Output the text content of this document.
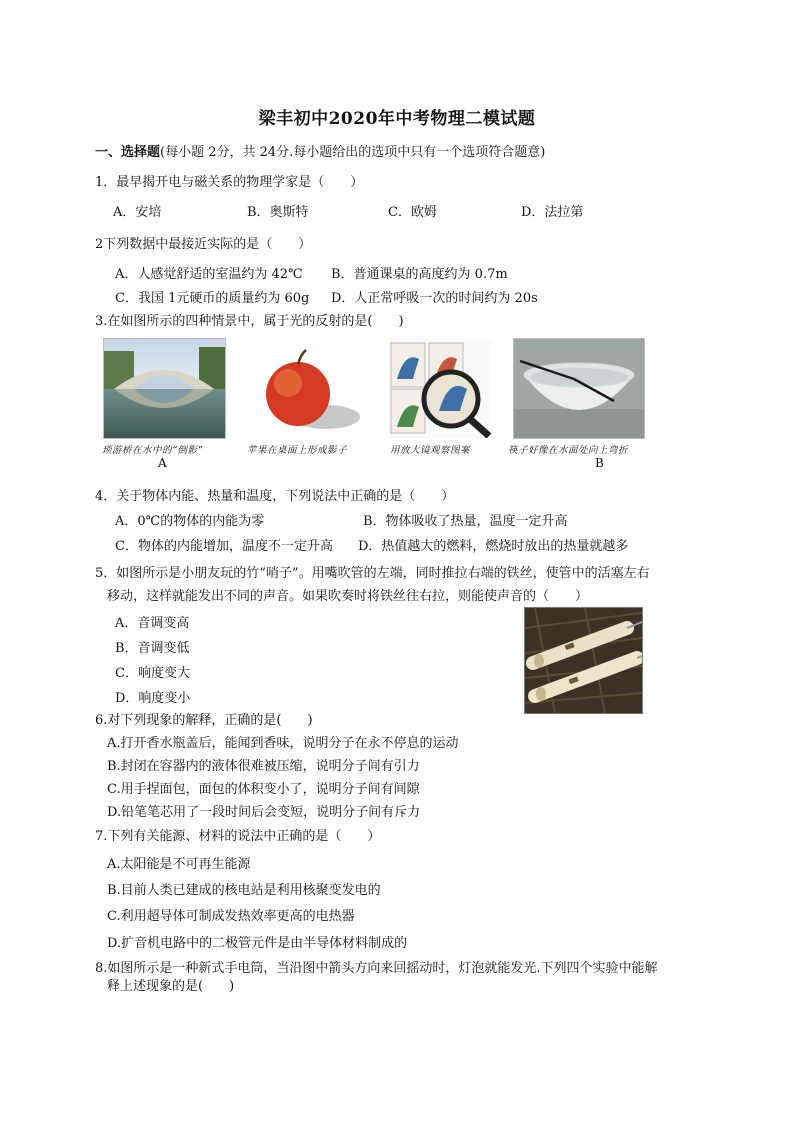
梁丰初中2020年中考物理二模试题
一、选择题(每小题 2分，共 24分.每小题给出的选项中只有一个选项符合题意)
1．最早揭开电与磁关系的物理学家是（　　）
A．安培	B．奥斯特	C．欧姆	D．法拉第
2下列数据中最接近实际的是（　　）
A．人感觉舒适的室温约为 42℃ B．普通课桌的高度约为 0.7m
C．我国 1元硬币的质量约为 60g D．人正常呼吸一次的时间约为 20s
3.在如图所示的四种情景中，属于光的反射的是(　　)
琐游桥在水中的“倒影”	苹果在桌面上形成影子	用放大镜观察图案	筷子好像在水面处向上弯折
A	B
4．关于物体内能、热量和温度，下列说法中正确的是（　　）
A．0℃的物体的内能为零	B．物体吸收了热量，温度一定升高
C．物体的内能增加，温度不一定升高 D．热值越大的燃料，燃烧时放出的热量就越多
5．如图所示是小朋友玩的竹“哨子”。用嘴吹管的左端，同时推拉右端的铁丝，使管中的活塞左右
移动，这样就能发出不同的声音。如果吹奏时将铁丝往右拉，则能使声音的（　　）
A．音调变高
B．音调变低
C．响度变大
D．响度变小
6.对下列现象的解释，正确的是(　　)
A.打开香水瓶盖后，能闻到香味，说明分子在永不停息的运动
B.封闭在容器内的液体很难被压缩，说明分子间有引力
C.用手捏面包，面包的体积变小了，说明分子间有间隙
D.铅笔笔芯用了一段时间后会变短，说明分子间有斥力
7.下列有关能源、材料的说法中正确的是（　　）
A.太阳能是不可再生能源
B.目前人类已建成的核电站是利用核聚变发电的
C.利用超导体可制成发热效率更高的电热器
D.扩音机电路中的二极管元件是由半导体材料制成的
8.如图所示是一种新式手电筒，当沿图中箭头方向来回摇动时，灯泡就能发光.下列四个实验中能解
释上述现象的是(　　)
